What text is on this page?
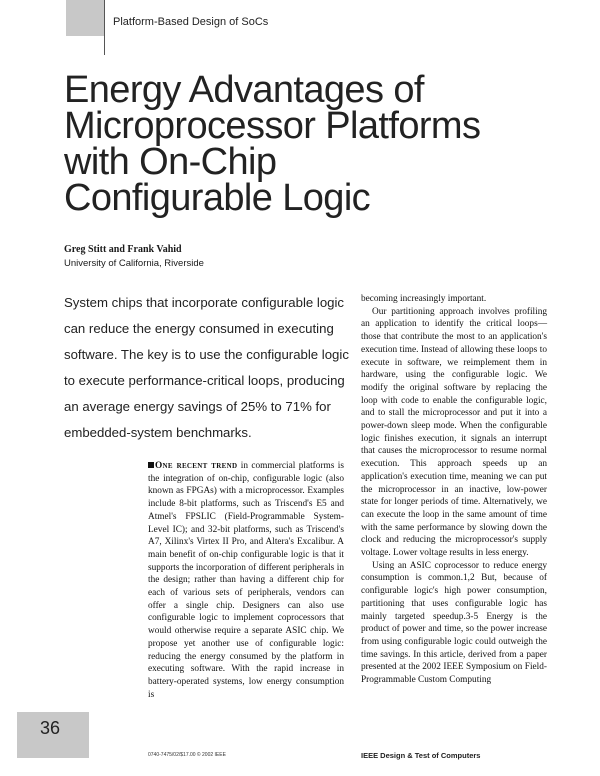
Platform-Based Design of SoCs
Energy Advantages of
Microprocessor Platforms
with On-Chip
Configurable Logic
Greg Stitt and Frank Vahid
University of California, Riverside
System chips that incorporate configurable logic
can reduce the energy consumed in executing
software. The key is to use the configurable logic
to execute performance-critical loops, producing
an average energy savings of 25% to 71% for
embedded-system benchmarks.

One recent trend in commercial platforms is the integration of on-chip, configurable logic (also known as FPGAs) with a microprocessor. Examples include 8-bit platforms, such as Triscend's E5 and Atmel's FPSLIC (Field-Programmable System-Level IC); and 32-bit platforms, such as Triscend's A7, Xilinx's Virtex II Pro, and Altera's Excalibur. A main benefit of on-chip configurable logic is that it supports the incorporation of different peripherals in the design; rather than having a different chip for each of various sets of peripherals, vendors can offer a single chip. Designers can also use configurable logic to implement coprocessors that would otherwise require a separate ASIC chip. We propose yet another use of configurable logic: reducing the energy consumed by the platform in executing software. With the rapid increase in battery-operated systems, low energy consumption is

becoming increasingly important.

Our partitioning approach involves profiling an application to identify the critical loops—those that contribute the most to an application's execution time. Instead of allowing these loops to execute in software, we reimplement them in hardware, using the configurable logic. We modify the original software by replacing the loop with code to enable the configurable logic, and to stall the microprocessor and put it into a power-down sleep mode. When the configurable logic finishes execution, it signals an interrupt that causes the microprocessor to resume normal execution. This approach speeds up an application's execution time, meaning we can put the microprocessor in an inactive, low-power state for longer periods of time. Alternatively, we can execute the loop in the same amount of time with the same performance by slowing down the clock and reducing the microprocessor's supply voltage. Lower voltage results in less energy.

Using an ASIC coprocessor to reduce energy consumption is common.1,2 But, because of configurable logic's high power consumption, partitioning that uses configurable logic has mainly targeted speedup.3-5 Energy is the product of power and time, so the power increase from using configurable logic could outweigh the time savings. In this article, derived from a paper presented at the 2002 IEEE Symposium on Field-Programmable Custom Computing

36
0740-7475/02/$17.00 © 2002 IEEE	IEEE Design & Test of Computers
